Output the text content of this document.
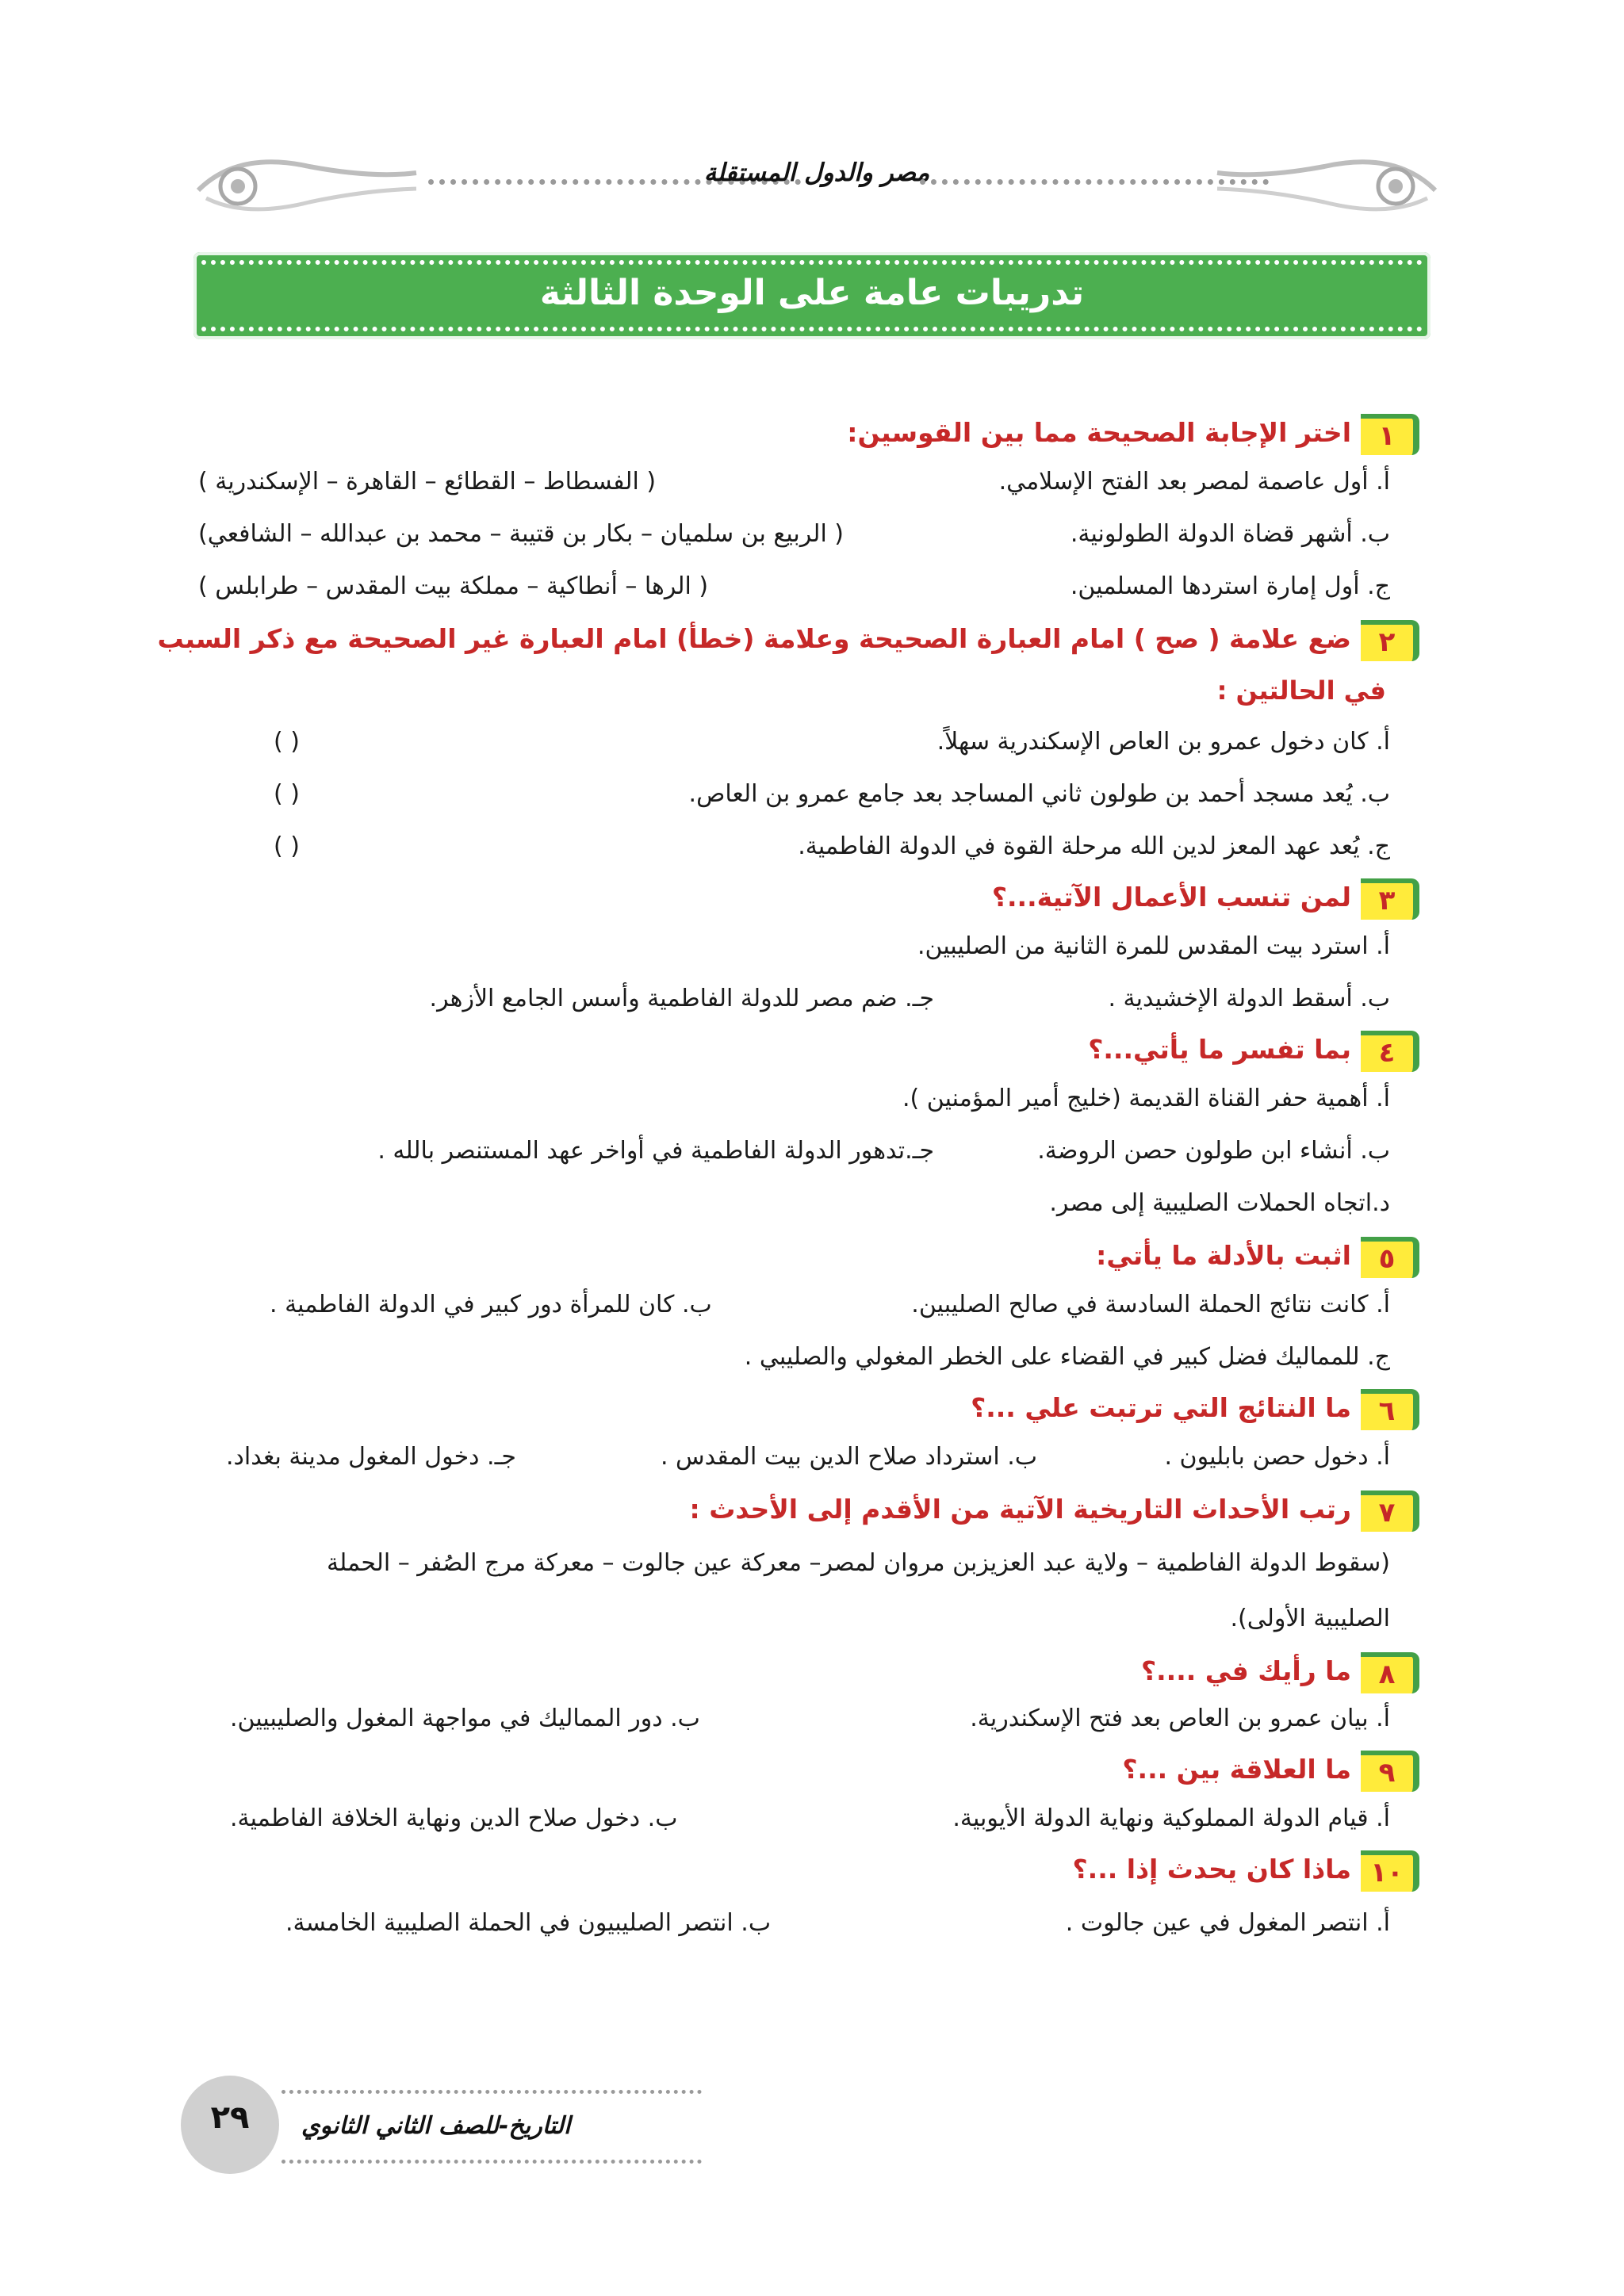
مصر والدول المستقلة
تدريبات عامة على الوحدة الثالثة
١
اختر الإجابة الصحيحة مما بين القوسين:
أ. أول عاصمة لمصر بعد الفتح الإسلامي.
( الفسطاط – القطائع – القاهرة – الإسكندرية )
ب. أشهر قضاة الدولة الطولونية.
( الربيع بن سلميان – بكار بن قتيبة – محمد بن عبدالله – الشافعي)
ج. أول إمارة استردها المسلمين.
( الرها – أنطاكية – مملكة بيت المقدس – طرابلس )
٢
ضع علامة ( صح ) امام العبارة الصحيحة وعلامة (خطأ) امام العبارة غير الصحيحة مع ذكر السبب
في الحالتين :
أ. كان دخول عمرو بن العاص الإسكندرية سهلاً.
( )
ب. يُعد مسجد أحمد بن طولون ثاني المساجد بعد جامع عمرو بن العاص.
( )
ج. يُعد عهد المعز لدين الله مرحلة القوة في الدولة الفاطمية.
( )
٣
لمن تنسب الأعمال الآتية...؟
أ. استرد بيت المقدس للمرة الثانية من الصليبين.
ب. أسقط الدولة الإخشيدية .
جـ. ضم مصر للدولة الفاطمية وأسس الجامع الأزهر.
٤
بما تفسر ما يأتي...؟
أ. أهمية حفر القناة القديمة (خليج أمير المؤمنين ).
ب. أنشاء ابن طولون حصن الروضة.
جـ.تدهور الدولة الفاطمية في أواخر عهد المستنصر بالله .
د.اتجاه الحملات الصليبية إلى مصر.
٥
اثبت بالأدلة ما يأتي:
أ. كانت نتائج الحملة السادسة في صالح الصليبين.
ب. كان للمرأة دور كبير في الدولة الفاطمية .
ج. للمماليك فضل كبير في القضاء على الخطر المغولي والصليبي .
٦
ما النتائج التي ترتبت علي ...؟
أ. دخول حصن بابليون .
ب. استرداد صلاح الدين بيت المقدس .
جـ. دخول المغول مدينة بغداد.
٧
رتب الأحداث التاريخية الآتية من الأقدم إلى الأحدث :
(سقوط الدولة الفاطمية – ولاية عبد العزيزبن مروان لمصر– معركة عين جالوت – معركة مرج الصُفر – الحملة
الصليبية الأولى).
٨
ما رأيك في ....؟
أ. بيان عمرو بن العاص بعد فتح الإسكندرية.
ب. دور المماليك في مواجهة المغول والصليبيين.
٩
ما العلاقة بين ...؟
أ. قيام الدولة المملوكية ونهاية الدولة الأيوبية.
ب. دخول صلاح الدين ونهاية الخلافة الفاطمية.
١٠
ماذا كان يحدث إذا ...؟
أ. انتصر المغول في عين جالوت .
ب. انتصر الصليبيون في الحملة الصليبية الخامسة.
٢٩	التاريخ-للصف الثاني الثانوي
